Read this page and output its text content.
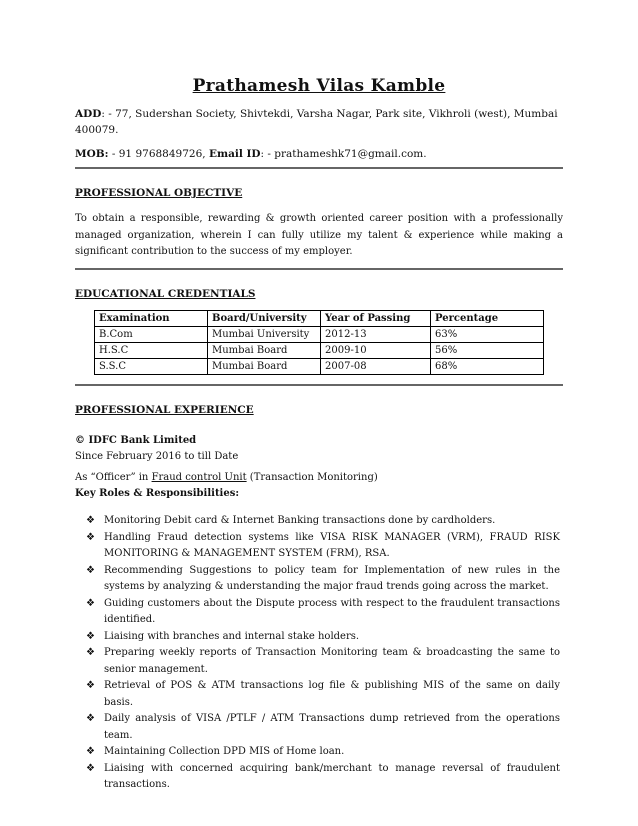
Prathamesh Vilas Kamble
ADD: - 77, Sudershan Society, Shivtekdi, Varsha Nagar, Park site, Vikhroli (west), Mumbai 400079.
MOB: - 91 9768849726, Email ID: - prathameshk71@gmail.com.
PROFESSIONAL OBJECTIVE
To obtain a responsible, rewarding & growth oriented career position with a professionally managed organization, wherein I can fully utilize my talent & experience while making a significant contribution to the success of my employer.
EDUCATIONAL CREDENTIALS
Examination	Board/University	Year of Passing	Percentage
B.Com	Mumbai University	2012-13	63%
H.S.C	Mumbai Board	2009-10	56%
S.S.C	Mumbai Board	2007-08	68%
PROFESSIONAL EXPERIENCE
© IDFC Bank Limited
Since February 2016 to till Date
As “Officer” in Fraud control Unit (Transaction Monitoring)
Key Roles & Responsibilities:
❖ Monitoring Debit card & Internet Banking transactions done by cardholders.
❖ Handling Fraud detection systems like VISA RISK MANAGER (VRM), FRAUD RISK MONITORING & MANAGEMENT SYSTEM (FRM), RSA.
❖ Recommending Suggestions to policy team for Implementation of new rules in the systems by analyzing & understanding the major fraud trends going across the market.
❖ Guiding customers about the Dispute process with respect to the fraudulent transactions identified.
❖ Liaising with branches and internal stake holders.
❖ Preparing weekly reports of Transaction Monitoring team & broadcasting the same to senior management.
❖ Retrieval of POS & ATM transactions log file & publishing MIS of the same on daily basis.
❖ Daily analysis of VISA /PTLF / ATM Transactions dump retrieved from the operations team.
❖ Maintaining Collection DPD MIS of Home loan.
❖ Liaising with concerned acquiring bank/merchant to manage reversal of fraudulent transactions.
